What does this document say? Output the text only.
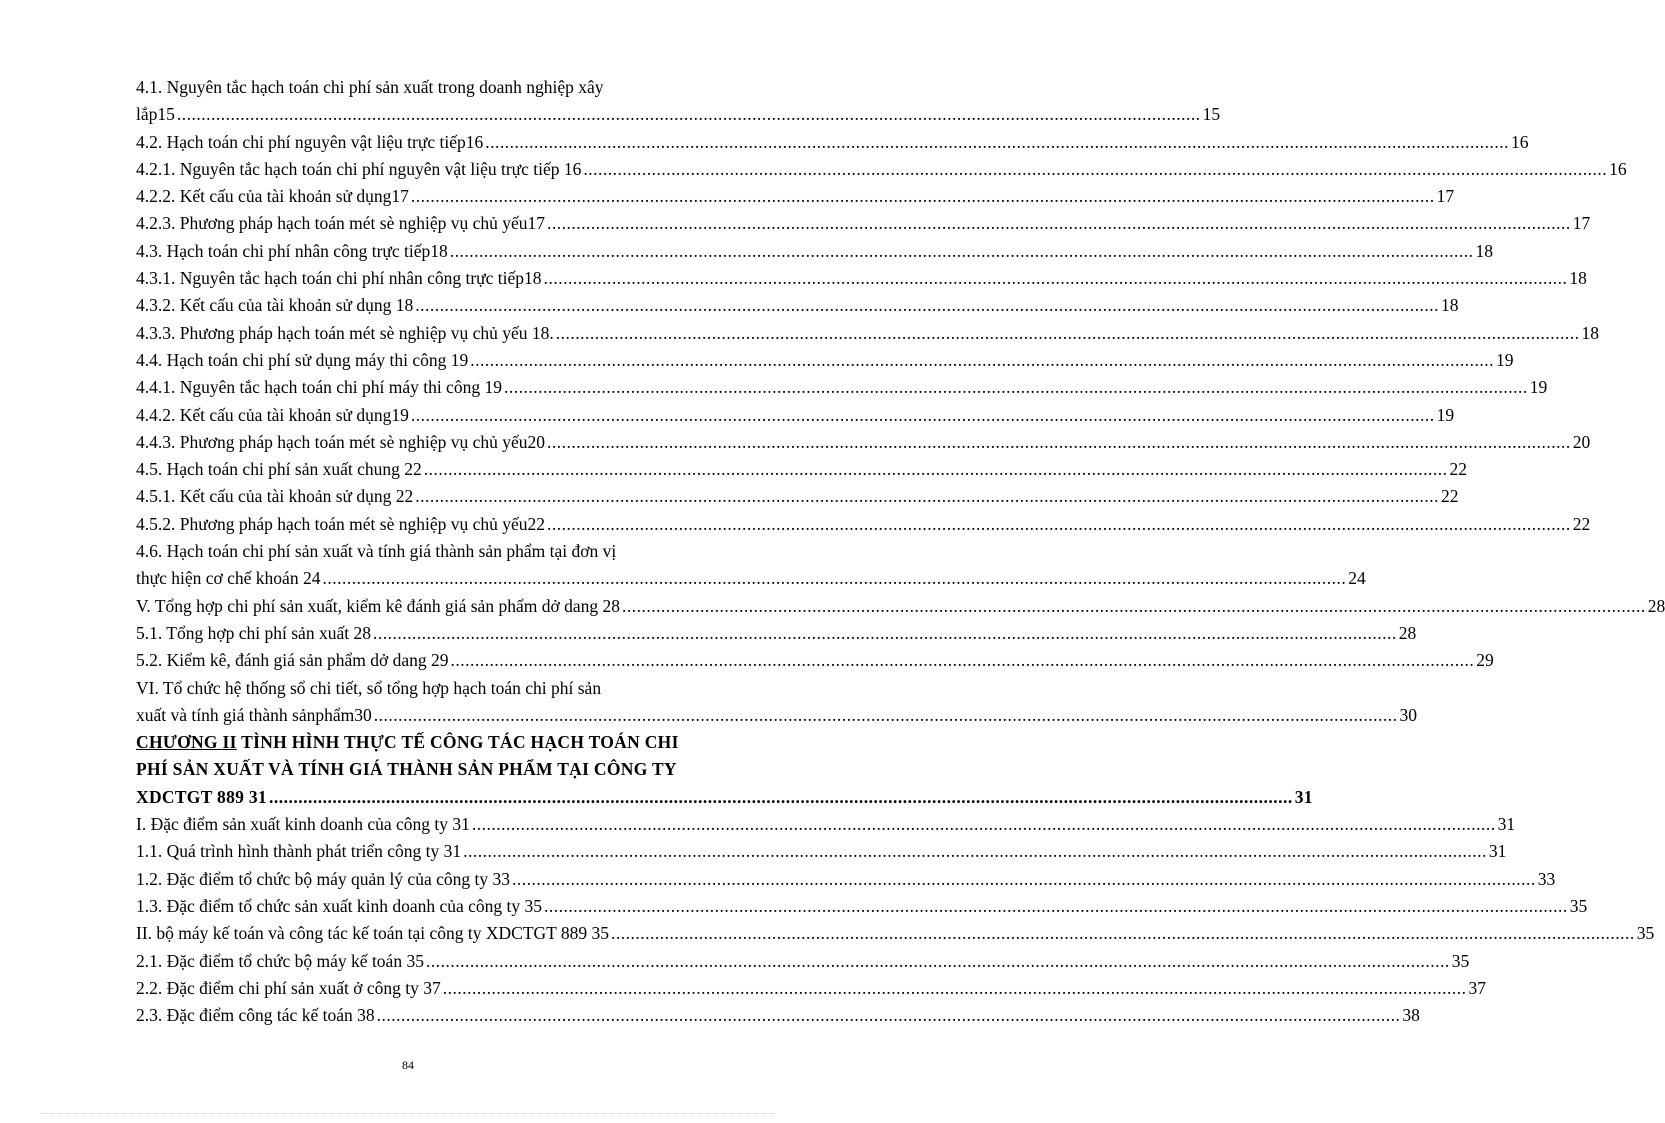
4.1. Nguyên tắc hạch toán chi phí sản xuất trong doanh nghiệp xây
lắp15 .....	15
4.2. Hạch toán chi phí nguyên vật liệu trực tiếp16 .....	16
4.2.1. Nguyên tắc hạch toán chi phí nguyên vật liệu trực tiếp 16 .....	16
4.2.2. Kết cấu của tài khoản sử dụng17 .....	17
4.2.3. Phương pháp hạch toán mét sè nghiệp vụ chủ yếu17 .....	17
4.3. Hạch toán chi phí nhân công trực tiếp18 .....	18
4.3.1. Nguyên tắc hạch toán chi phí nhân công trực tiếp18 .....	18
4.3.2. Kết cấu của tài khoản sử dụng 18 .....	18
4.3.3. Phương pháp hạch toán mét sè nghiệp vụ chủ yếu 18. .....	18
4.4. Hạch toán chi phí sử dụng máy thi công 19 .....	19
4.4.1. Nguyên tắc hạch toán chi phí máy thi công 19 .....	19
4.4.2. Kết cấu của tài khoản sử dụng19 .....	19
4.4.3. Phương pháp hạch toán mét sè nghiệp vụ chủ yếu20 .....	20
4.5. Hạch toán chi phí sản xuất chung 22 .....	22
4.5.1. Kết cấu của tài khoản sử dụng 22 .....	22
4.5.2. Phương pháp hạch toán mét sè nghiệp vụ chủ yếu22 .....	22
4.6. Hạch toán chi phí sản xuất và tính giá thành sản phẩm tại đơn vị
thực hiện cơ chế khoán 24 .....	24
V. Tổng hợp chi phí sản xuất, kiểm kê đánh giá sản phẩm dở dang 28 .....	28
5.1. Tổng hợp chi phí sản xuất 28 .....	28
5.2. Kiểm kê, đánh giá sản phẩm dở dang 29 .....	29
VI. Tổ chức hệ thống sổ chi tiết, sổ tổng hợp hạch toán chi phí sản
xuất và tính giá thành sảnphẩm30 .....	30
CHƯƠNG II TÌNH HÌNH THỰC TẾ CÔNG TÁC HẠCH TOÁN CHI
PHÍ SẢN XUẤT VÀ TÍNH GIÁ THÀNH SẢN PHẨM TẠI CÔNG TY
XDCTGT 889 31 .....	31
I. Đặc điểm sản xuất kinh doanh của công ty 31 .....	31
1.1. Quá trình hình thành phát triển công ty 31 .....	31
1.2. Đặc điểm tổ chức bộ máy quản lý của công ty 33 .....	33
1.3. Đặc điểm tổ chức sản xuất kinh doanh của công ty 35 .....	35
II. bộ máy kế toán và công tác kế toán tại công ty XDCTGT 889 35 .....	35
2.1. Đặc điểm tổ chức bộ máy kế toán 35 .....	35
2.2. Đặc điểm chi phí sản xuất ở công ty 37 .....	37
2.3. Đặc điểm công tác kế toán 38 .....	38
84
